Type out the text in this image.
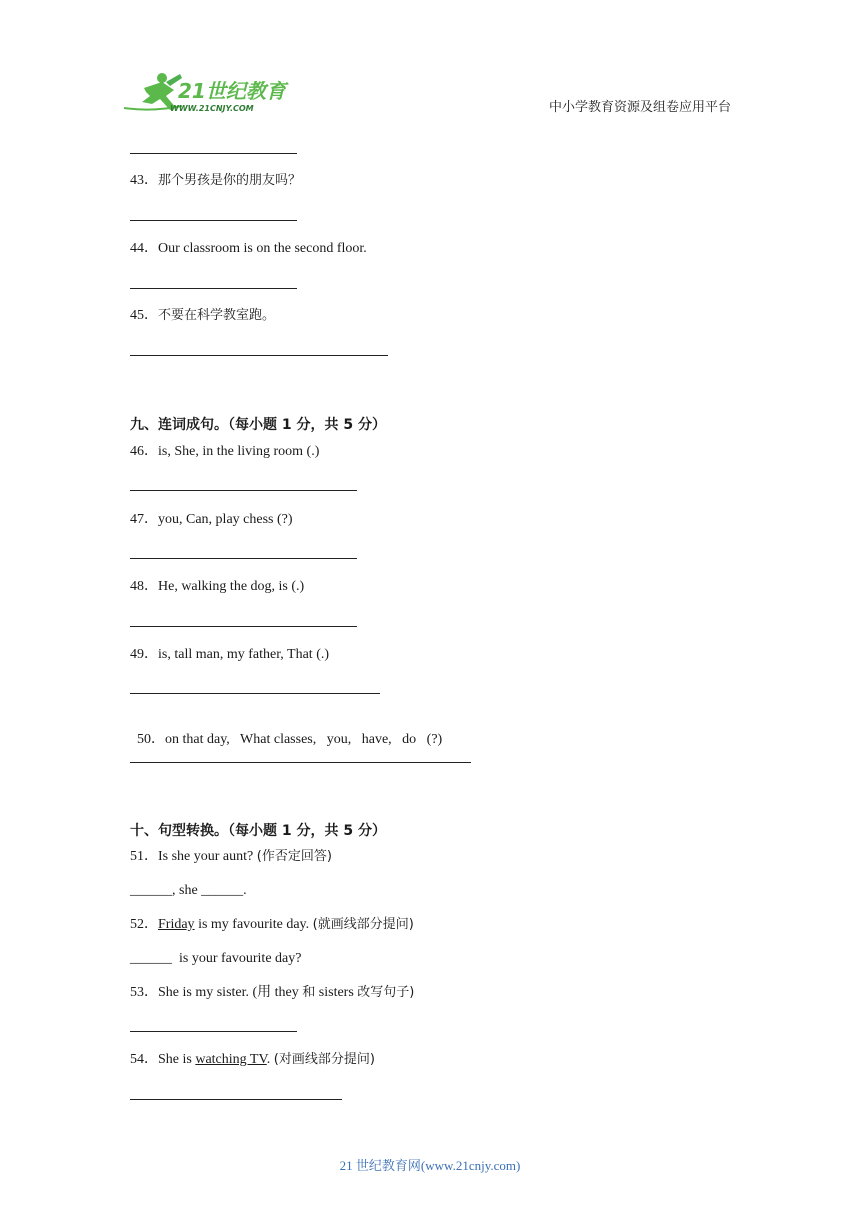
21世纪教育
WWW.21CNJY.COM	中小学教育资源及组卷应用平台
43．那个男孩是你的朋友吗？
44．Our classroom is on the second floor.
45．不要在科学教室跑。
九、连词成句。（每小题 1 分，共 5 分）
46．is, She, in the living room (.)
47．you, Can, play chess (?)
48．He, walking the dog, is (.)
49．is, tall man, my father, That (.)

50．on that day,   What classes,   you,   have,   do   (?)

十、句型转换。（每小题 1 分，共 5 分）
51．Is she your aunt? (作否定回答)
______, she ______.
52．Friday is my favourite day. (就画线部分提问)
______  is your favourite day?
53．She is my sister. (用 they 和 sisters 改写句子)
54．She is watching TV. (对画线部分提问)
21 世纪教育网(www.21cnjy.com)
